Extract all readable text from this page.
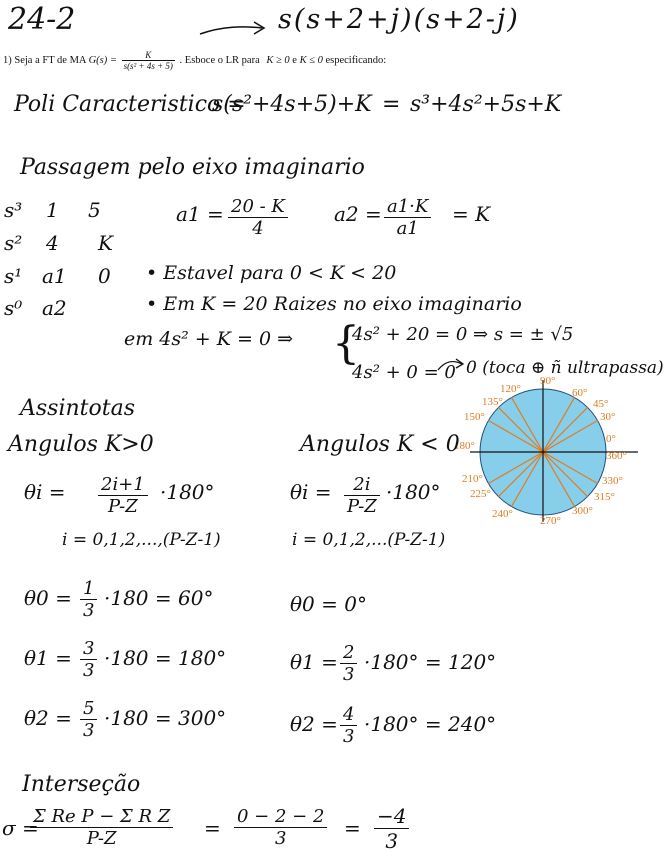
24-2	s(s+2+j)(s+2-j)
1) Seja a FT de MA $G(s) = \frac{K}{\text{s(s² + 4s + 5)}}$ . Esboce o LR para K ≥ 0 e K ≤ 0 especificando:
Poli Caracteristico =
s(s²+4s+5)+K = s³+4s²+5s+K
Passagem pelo eixo imaginario
s³ 1 5
s² 4 K
s¹ a1 0
s⁰ a2
$a1 = \frac{20 - K}{4} a2 = \frac{a1\cdot K}{a1} = K$
• Estavel para 0 < K < 20
• Em K = 20 Raizes no eixo imaginario
em 4s² + K = 0 ⇒ {
4s² + 20 = 0 ⇒ s = ± √5
4s² + 0 = 0 0 (toca ⊕ ñ ultrapassa)
0°
30°
45°
60°
90°
120°
135°
150°
180°
210°
225°
240°
270°
300°
315°
330°
360°
Assintotas
Angulos K>0
$\theta i = \frac{2i+1}{P-Z} \cdot 180^\circ$
i = 0,1,2,...,(P-Z-1)
$\theta 0 = \frac{1}{3} \cdot 180 = 60^\circ$
$\theta 1 = \frac{3}{3} \cdot 180 = 180^\circ$
$\theta 2 = \frac{5}{3} \cdot 180 = 300^\circ$
Angulos K < 0
$\theta i = \frac{2i}{P-Z} \cdot 180^\circ$
i = 0,1,2,...(P-Z-1)
θ0 = 0°
$\theta 1 = \frac{2}{3} \cdot 180^\circ = 120^\circ$
$\theta 2 = \frac{4}{3} \cdot 180^\circ = 240^\circ$
Interseção
σ =
$\frac{\text{Σ Re P − Σ R Z}}{P-Z} = \frac{0 - 2 - 2}{3} = \frac{-4}{3}$
